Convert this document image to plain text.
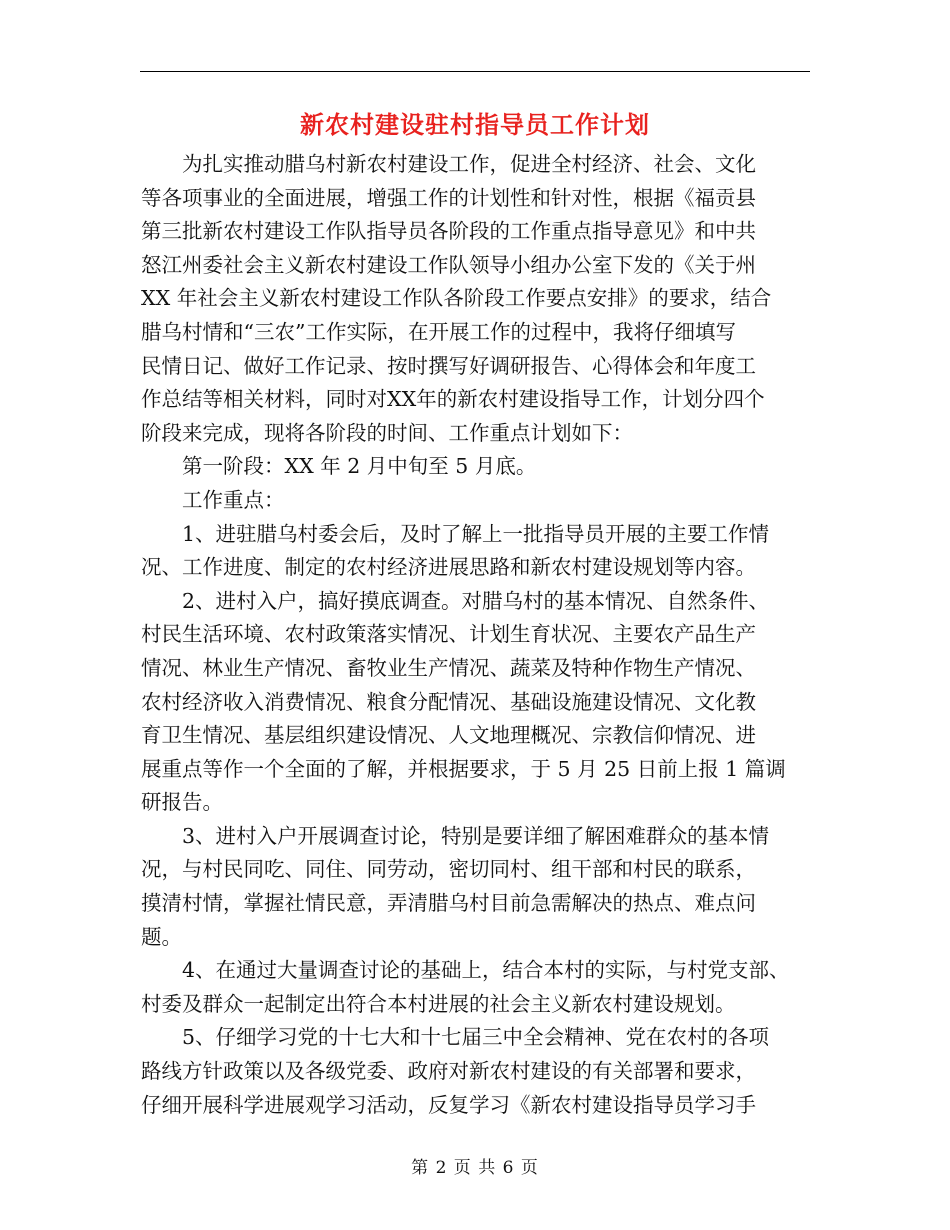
新农村建设驻村指导员工作计划

为扎实推动腊乌村新农村建设工作，促进全村经济、社会、文化
等各项事业的全面进展，增强工作的计划性和针对性，根据《福贡县
第三批新农村建设工作队指导员各阶段的工作重点指导意见》和中共
怒江州委社会主义新农村建设工作队领导小组办公室下发的《关于州
XX 年社会主义新农村建设工作队各阶段工作要点安排》的要求，结合
腊乌村情和“三农”工作实际，在开展工作的过程中，我将仔细填写
民情日记、做好工作记录、按时撰写好调研报告、心得体会和年度工
作总结等相关材料，同时对XX年的新农村建设指导工作，计划分四个
阶段来完成，现将各阶段的时间、工作重点计划如下：

第一阶段：XX 年 2 月中旬至 5 月底。

工作重点：

1、进驻腊乌村委会后，及时了解上一批指导员开展的主要工作情
况、工作进度、制定的农村经济进展思路和新农村建设规划等内容。

2、进村入户，搞好摸底调查。对腊乌村的基本情况、自然条件、
村民生活环境、农村政策落实情况、计划生育状况、主要农产品生产
情况、林业生产情况、畜牧业生产情况、蔬菜及特种作物生产情况、
农村经济收入消费情况、粮食分配情况、基础设施建设情况、文化教
育卫生情况、基层组织建设情况、人文地理概况、宗教信仰情况、进
展重点等作一个全面的了解，并根据要求，于 5 月 25 日前上报 1 篇调
研报告。

3、进村入户开展调查讨论，特别是要详细了解困难群众的基本情
况，与村民同吃、同住、同劳动，密切同村、组干部和村民的联系，
摸清村情，掌握社情民意，弄清腊乌村目前急需解决的热点、难点问
题。

4、在通过大量调查讨论的基础上，结合本村的实际，与村党支部、
村委及群众一起制定出符合本村进展的社会主义新农村建设规划。

5、仔细学习党的十七大和十七届三中全会精神、党在农村的各项
路线方针政策以及各级党委、政府对新农村建设的有关部署和要求，
仔细开展科学进展观学习活动，反复学习《新农村建设指导员学习手

第 2 页 共 6 页
